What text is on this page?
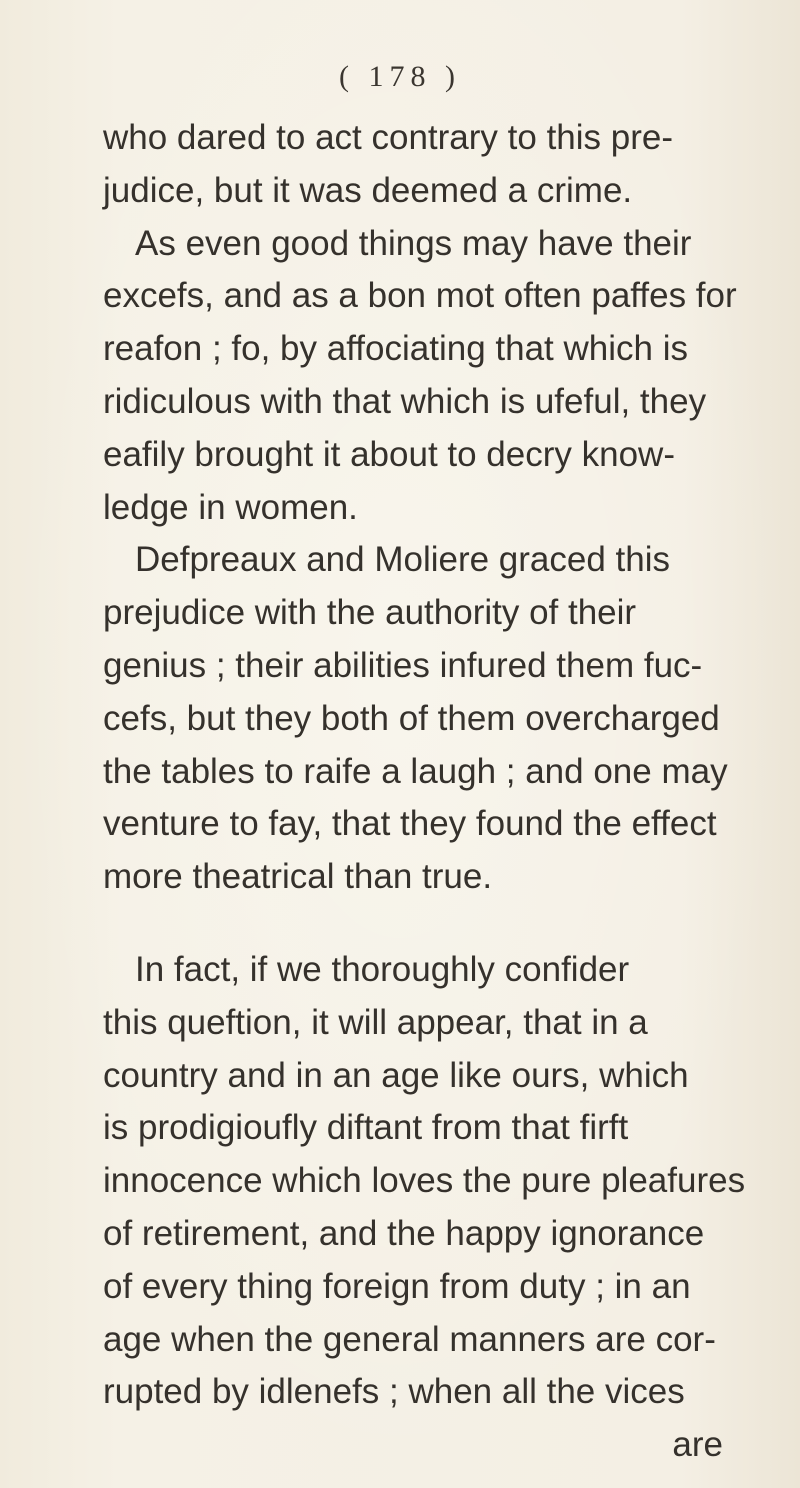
( 178 )
who dared to act contrary to this pre-
judice, but it was deemed a crime.
As even good things may have their
excefs, and as a bon mot often paffes for
reafon ; fo, by affociating that which is
ridiculous with that which is ufeful, they
eafily brought it about to decry know-
ledge in women.
Defpreaux and Moliere graced this
prejudice with the authority of their
genius ; their abilities infured them fuc-
cefs, but they both of them overcharged
the tables to raife a laugh ; and one may
venture to fay, that they found the effect
more theatrical than true.
In fact, if we thoroughly confider
this queftion, it will appear, that in a
country and in an age like ours, which
is prodigioufly diftant from that firft
innocence which loves the pure pleafures
of retirement, and the happy ignorance
of every thing foreign from duty ; in an
age when the general manners are cor-
rupted by idlenefs ; when all the vices
are
